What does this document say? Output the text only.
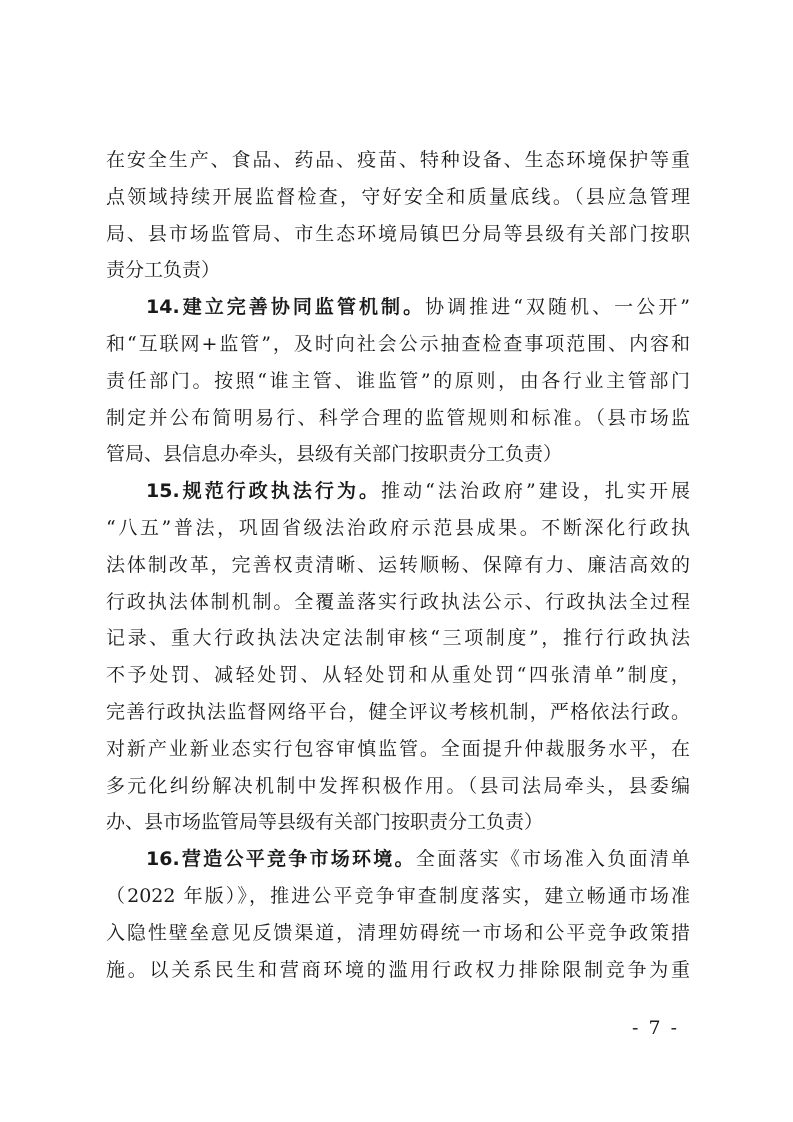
在安全生产、食品、药品、疫苗、特种设备、生态环境保护等重
点领域持续开展监督检查，守好安全和质量底线。（县应急管理
局、县市场监管局、市生态环境局镇巴分局等县级有关部门按职
责分工负责）
14.建立完善协同监管机制。协调推进“双随机、一公开”
和“互联网+监管”，及时向社会公示抽查检查事项范围、内容和
责任部门。按照“谁主管、谁监管”的原则，由各行业主管部门
制定并公布简明易行、科学合理的监管规则和标准。（县市场监
管局、县信息办牵头，县级有关部门按职责分工负责）
15.规范行政执法行为。推动“法治政府”建设，扎实开展
“八五”普法，巩固省级法治政府示范县成果。不断深化行政执
法体制改革，完善权责清晰、运转顺畅、保障有力、廉洁高效的
行政执法体制机制。全覆盖落实行政执法公示、行政执法全过程
记录、重大行政执法决定法制审核“三项制度”，推行行政执法
不予处罚、减轻处罚、从轻处罚和从重处罚“四张清单”制度，
完善行政执法监督网络平台，健全评议考核机制，严格依法行政。
对新产业新业态实行包容审慎监管。全面提升仲裁服务水平，在
多元化纠纷解决机制中发挥积极作用。（县司法局牵头，县委编
办、县市场监管局等县级有关部门按职责分工负责）
16.营造公平竞争市场环境。全面落实《市场准入负面清单
（2022 年版）》，推进公平竞争审查制度落实，建立畅通市场准
入隐性壁垒意见反馈渠道，清理妨碍统一市场和公平竞争政策措
施。以关系民生和营商环境的滥用行政权力排除限制竞争为重
- 7 -
